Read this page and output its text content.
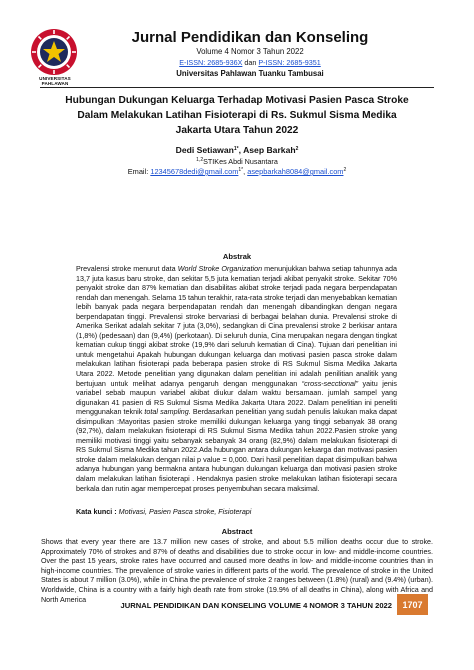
UNIVERSITAS
PAHLAWAN
Jurnal Pendidikan dan Konseling
Volume 4 Nomor 3 Tahun 2022
E-ISSN: 2685-936X dan P-ISSN: 2685-9351
Universitas Pahlawan Tuanku Tambusai
Hubungan Dukungan Keluarga Terhadap Motivasi Pasien Pasca Stroke Dalam Melakukan Latihan Fisioterapi di Rs. Sukmul Sisma Medika Jakarta Utara Tahun 2022
Dedi Setiawan$^{1*}$, Asep Barkah$^2$
$^{1,2}$STIKes Abdi Nusantara
Email: 12345678dedi@gmail.com$^{1*}$, asepbarkah8084@gmail.com$^2$
Abstrak

Prevalensi stroke menurut data World Stroke Organization menunjukkan bahwa setiap tahunnya ada 13,7 juta kasus baru stroke, dan sekitar 5,5 juta kematian terjadi akibat penyakit stroke. Sekitar 70% penyakit stroke dan 87% kematian dan disabilitas akibat stroke terjadi pada negara berpendapatan rendah dan menengah. Selama 15 tahun terakhir, rata-rata stroke terjadi dan menyebabkan kematian lebih banyak pada negara berpendapatan rendah dan menengah dibandingkan dengan negara berpendapatan tinggi. Prevalensi stroke bervariasi di berbagai belahan dunia. Prevalensi stroke di Amerika Serikat adalah sekitar 7 juta (3,0%), sedangkan di Cina prevalensi stroke 2 berkisar antara (1,8%) (pedesaan) dan (9,4%) (perkotaan). Di seluruh dunia, Cina merupakan negara dengan tingkat kematian cukup tinggi akibat stroke (19,9% dari seluruh kematian di Cina). Tujuan dari penelitian ini untuk mengetahui Apakah hubungan dukungan keluarga dan motivasi pasien pasca stroke dalam melakukan latihan fisioterapi pada beberapa pasien stroke di RS Sukmul Sisma Medika Jakarta Utara 2022. Metode penelitian yang digunakan dalam penelitian ini adalah penilitian analitik yang bertujuan untuk melihat adanya pengaruh dengan menggunakan “cross-secctional” yaitu jenis variabel sebab maupun variabel akibat diukur dalam waktu bersamaan. jumlah sampel yang digunakan 41 pasien di RS Sukmul Sisma Medika Jakarta Utara 2022. Dalam penelitian ini peneliti menggunakan teknik total sampling. Berdasarkan penelitian yang sudah penulis lakukan maka dapat disimpulkan :Mayoritas pasien stroke memiliki dukungan keluarga yang tinggi sebanyak 38 orang (92,7%), dalam melakukan fisioterapi di RS Sukmul Sisma Medika tahun 2022.Pasien stroke yang memiliki motivasi tinggi yaitu sebanyak sebanyak 34 orang (82,9%) dalam melakukan fisioterapi di RS Sukmul Sisma Medika tahun 2022.Ada hubungan antara dukungan keluarga dan motivasi pasien stroke dalam melakukan dengan nilai p value = 0,000. Dari hasil penelitian dapat disimpulkan bahwa adanya hubungan yang bermakna antara hubungan dukungan keluarga dan motivasi pasien stroke dalam melakukan latihan fisioterapi . Hendaknya pasien stroke melakukan latihan fisioterapi secara berkala dan rutin agar mempercepat proses penyembuhan secara maksimal.

Kata kunci : Motivasi, Pasien Pasca stroke, Fisioterapi
Abstract

Shows that every year there are 13.7 million new cases of stroke, and about 5.5 million deaths occur due to stroke. Approximately 70% of strokes and 87% of deaths and disabilities due to stroke occur in low- and middle-income countries. Over the past 15 years, stroke rates have occurred and caused more deaths in low- and middle-income countries than in high-income countries. The prevalence of stroke varies in different parts of the world. The prevalence of stroke in the United States is about 7 million (3.0%), while in China the prevalence of stroke 2 ranges between (1.8%) (rural) and (9.4%) (urban). Worldwide, China is a country with a fairly high death rate from stroke (19.9% of all deaths in China), along with Africa and North America

JURNAL PENDIDIKAN DAN KONSELING VOLUME 4 NOMOR 3 TAHUN 2022	1707
